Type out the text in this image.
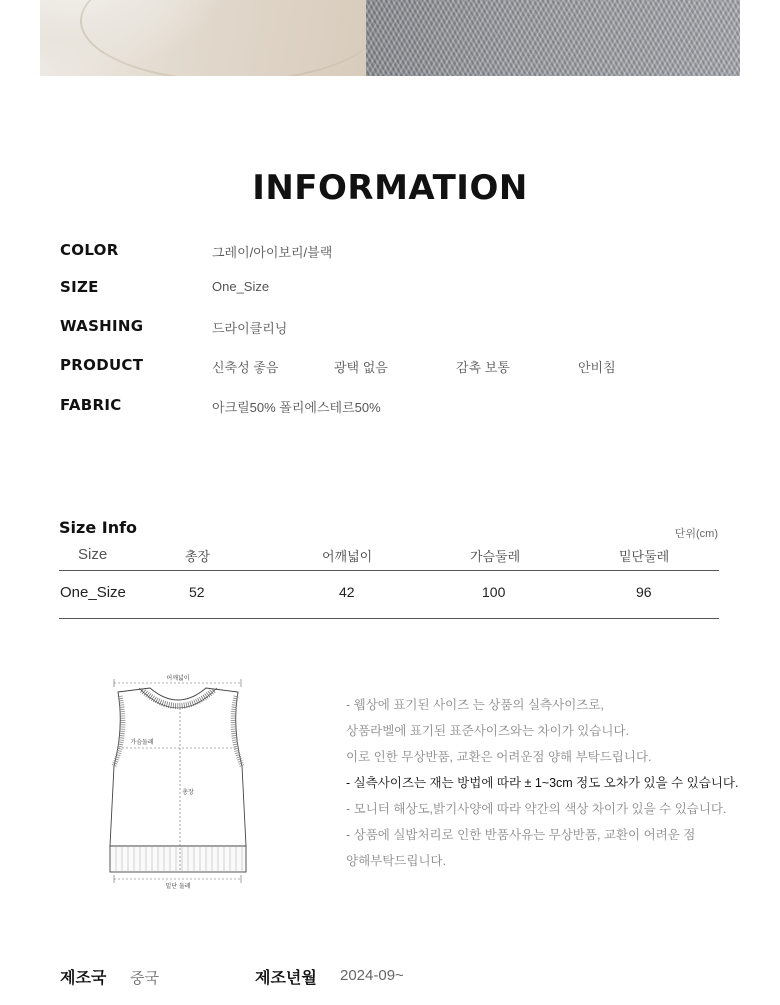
INFORMATION
COLOR	그레이/아이보리/블랙
SIZE	One_Size
WASHING	드라이클리닝
PRODUCT	신축성 좋음	광택 없음	감촉 보통	안비침
FABRIC	아크릴50% 폴리에스테르50%
Size Info	단위(cm)
Size	총장	어깨넓이	가슴둘레	밑단둘레
One_Size	52	42	100	96
어깨넓이
가슴둘레
총장
밑단 둘레
- 웹상에 표기된 사이즈 는 상품의 실측사이즈로,
상품라벨에 표기된 표준사이즈와는 차이가 있습니다.
이로 인한 무상반품, 교환은 어려운점 양해 부탁드립니다.
- 실측사이즈는 재는 방법에 따라 ± 1~3cm 정도 오차가 있을 수 있습니다.
- 모니터 해상도,밝기사양에 따라 약간의 색상 차이가 있을 수 있습니다.
- 상품에 실밥처리로 인한 반품사유는 무상반품, 교환이 어려운 점
양해부탁드립니다.
제조국 중국	제조년월 2024-09~
